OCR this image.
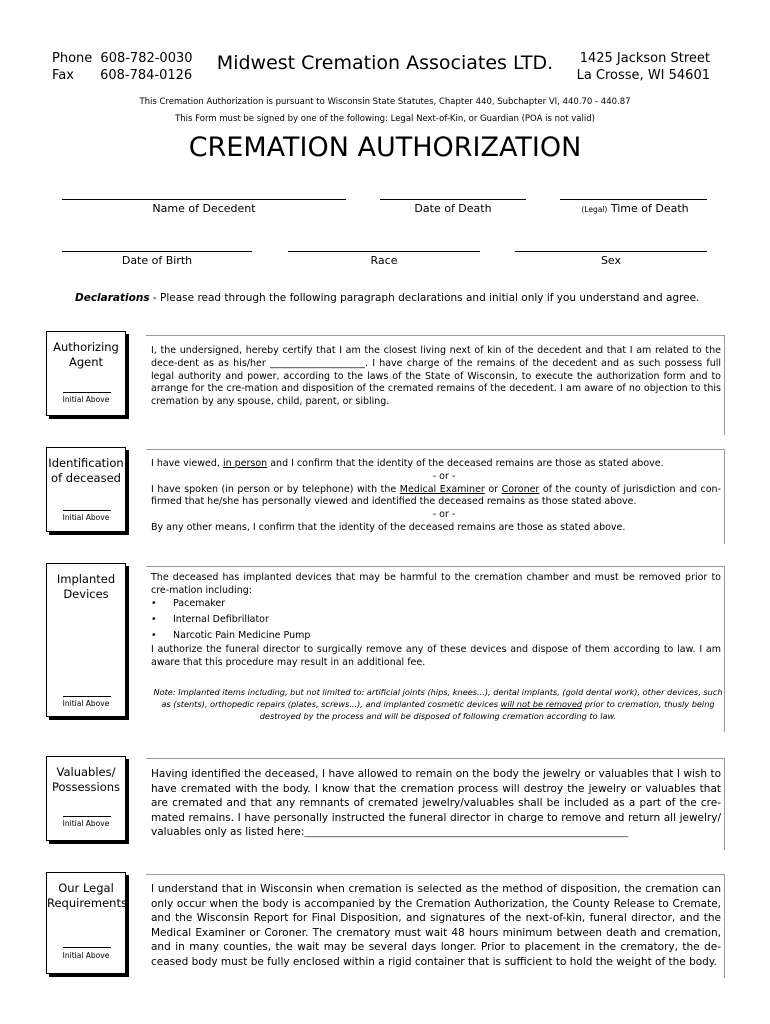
Phone 608-782-0030
Fax 608-784-0126
Midwest Cremation Associates LTD.	1425 Jackson Street
La Crosse, WI 54601
This Cremation Authorization is pursuant to Wisconsin State Statutes, Chapter 440, Subchapter VI, 440.70 - 440.87
This Form must be signed by one of the following: Legal Next-of-Kin, or Guardian (POA is not valid)
CREMATION AUTHORIZATION
Name of Decedent	Date of Death	(Legal) Time of Death
Date of Birth	Race	Sex
Declarations - Please read through the following paragraph declarations and initial only if you understand and agree.
Authorizing
Agent
Initial Above
I, the undersigned, hereby certify that I am the closest living next of kin of the decedent and that I am related to the dece-dent as as his/her ____________________. I have charge of the remains of the decedent and as such possess full legal authority and power, according to the laws of the State of Wisconsin, to execute the authorization form and to arrange for the cre-mation and disposition of the cremated remains of the decedent. I am aware of no objection to this cremation by any spouse, child, parent, or sibling.
Identification
of deceased
Initial Above
I have viewed, in person and I confirm that the identity of the deceased remains are those as stated above.
- or -
I have spoken (in person or by telephone) with the Medical Examiner or Coroner of the county of jurisdiction and con-firmed that he/she has personally viewed and identified the deceased remains as those stated above.
- or -
By any other means, I confirm that the identity of the deceased remains are those as stated above.
Implanted
Devices
Initial Above
The deceased has implanted devices that may be harmful to the cremation chamber and must be removed prior to cre-mation including:
• Pacemaker
• Internal Defibrillator
• Narcotic Pain Medicine Pump
I authorize the funeral director to surgically remove any of these devices and dispose of them according to law. I am aware that this procedure may result in an additional fee.
Note: Implanted items including, but not limited to: artificial joints (hips, knees...), dental implants, (gold dental work), other devices, such as (stents), orthopedic repairs (plates, screws...), and implanted cosmetic devices will not be removed prior to cremation, thusly being destroyed by the process and will be disposed of following cremation according to law.
Valuables/
Possessions
Initial Above
Having identified the deceased, I have allowed to remain on the body the jewelry or valuables that I wish to have cremated with the body. I know that the cremation process will destroy the jewelry or valuables that are cremated and that any remnants of cremated jewelry/valuables shall be included as a part of the cre-mated remains. I have personally instructed the funeral director in charge to remove and return all jewelry/ valuables only as listed here:________________________________________________________________________
Our Legal
Requirements
Initial Above
I understand that in Wisconsin when cremation is selected as the method of disposition, the cremation can only occur when the body is accompanied by the Cremation Authorization, the County Release to Cremate, and the Wisconsin Report for Final Disposition, and signatures of the next-of-kin, funeral director, and the Medical Examiner or Coroner. The crematory must wait 48 hours minimum between death and cremation, and in many counties, the wait may be several days longer. Prior to placement in the crematory, the de-ceased body must be fully enclosed within a rigid container that is sufficient to hold the weight of the body.
